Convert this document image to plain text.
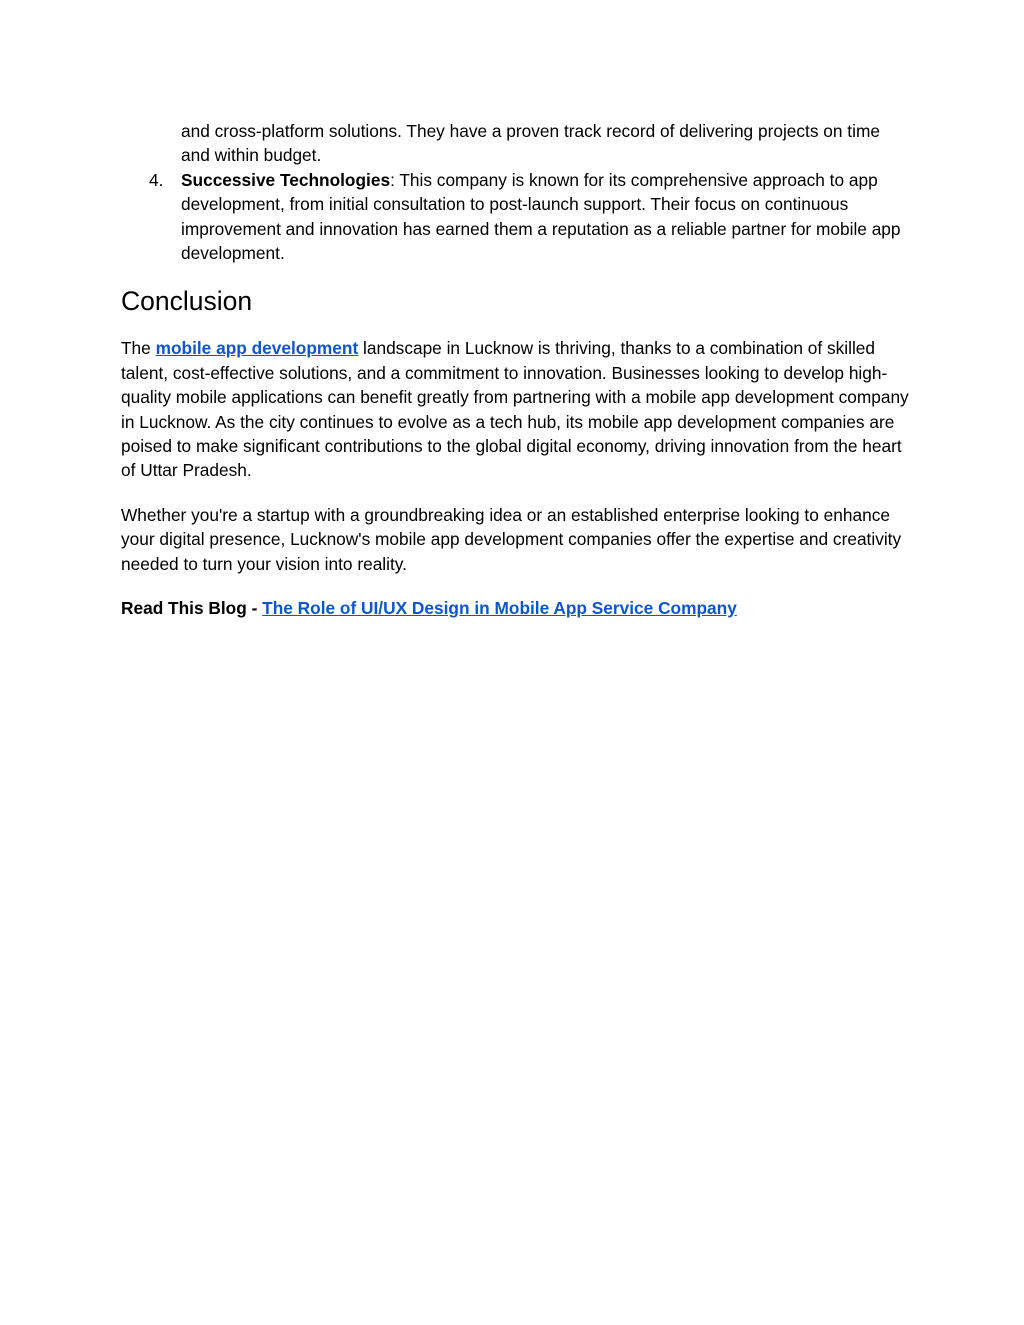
and cross-platform solutions. They have a proven track record of delivering projects on time and within budget.

4. Successive Technologies: This company is known for its comprehensive approach to app development, from initial consultation to post-launch support. Their focus on continuous improvement and innovation has earned them a reputation as a reliable partner for mobile app development.

Conclusion

The mobile app development landscape in Lucknow is thriving, thanks to a combination of skilled talent, cost-effective solutions, and a commitment to innovation. Businesses looking to develop high-quality mobile applications can benefit greatly from partnering with a mobile app development company in Lucknow. As the city continues to evolve as a tech hub, its mobile app development companies are poised to make significant contributions to the global digital economy, driving innovation from the heart of Uttar Pradesh.

Whether you're a startup with a groundbreaking idea or an established enterprise looking to enhance your digital presence, Lucknow's mobile app development companies offer the expertise and creativity needed to turn your vision into reality.

Read This Blog - The Role of UI/UX Design in Mobile App Service Company
